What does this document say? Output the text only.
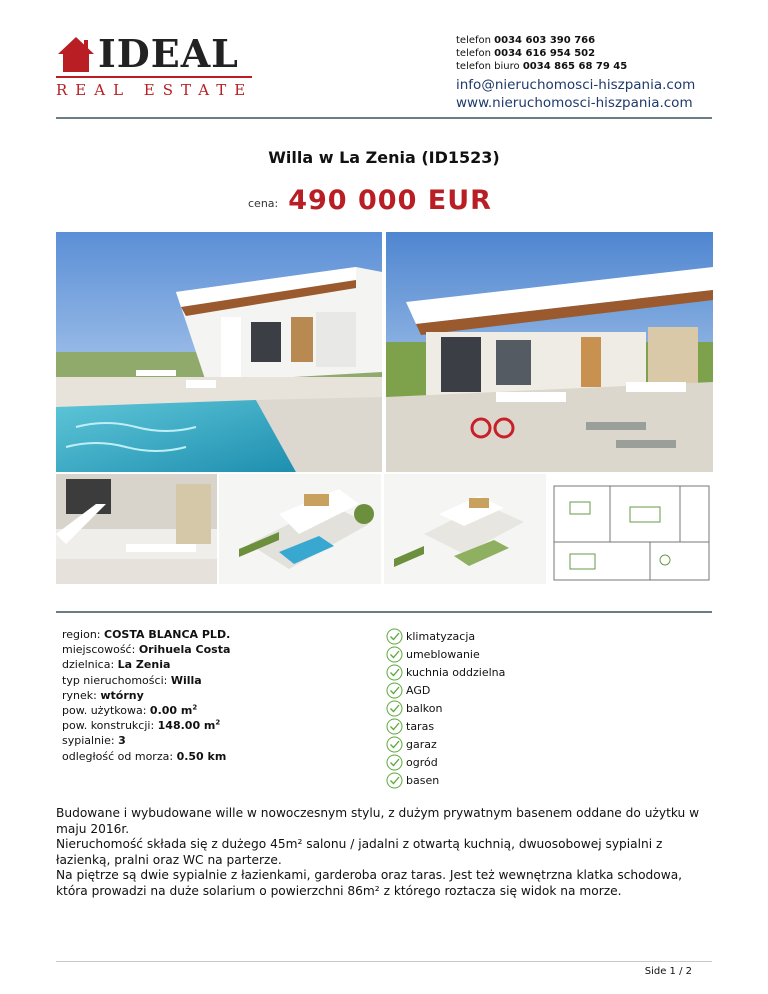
IDEAL
REAL ESTATE
telefon 0034 603 390 766
telefon 0034 616 954 502
telefon biuro 0034 865 68 79 45
info@nieruchomosci-hiszpania.com
www.nieruchomosci-hiszpania.com
Willa w La Zenia (ID1523)
cena: 490 000 EUR
region: COSTA BLANCA PLD.
miejscowość: Orihuela Costa
dzielnica: La Zenia
typ nieruchomości: Willa
rynek: wtórny
pow. użytkowa: 0.00 $m^2$
pow. konstrukcji: 148.00 $m^2$
sypialnie: 3
odległość od morza: 0.50 km
klimatyzacja
umeblowanie
kuchnia oddzielna
AGD
balkon
taras
garaz
ogród
basen

Budowane i wybudowane wille w nowoczesnym stylu, z dużym prywatnym basenem oddane do użytku w maju 2016r.

Nieruchomość składa się z dużego 45m² salonu / jadalni z otwartą kuchnią, dwuosobowej sypialni z łazienką, pralni oraz WC na parterze.

Na piętrze są dwie sypialnie z łazienkami, garderoba oraz taras. Jest też wewnętrzna klatka schodowa, która prowadzi na duże solarium o powierzchni 86m² z którego roztacza się widok na morze.

Side 1 / 2
